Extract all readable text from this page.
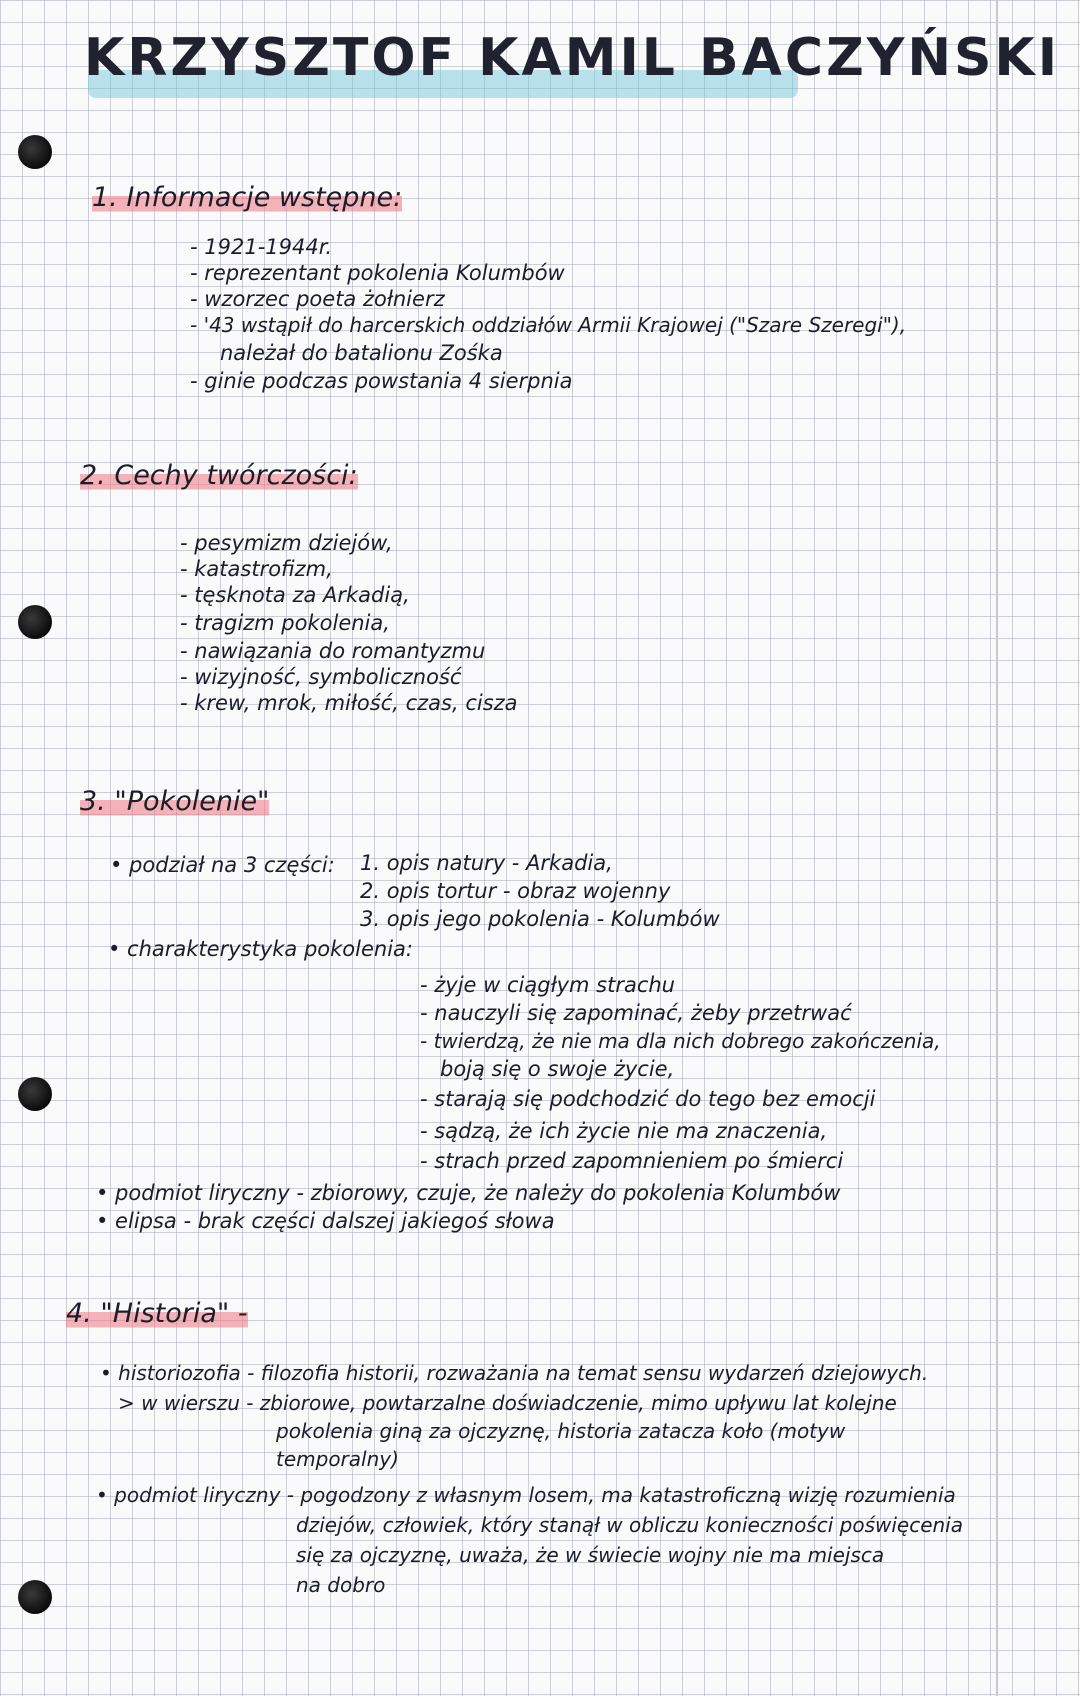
KRZYSZTOF KAMIL BACZYŃSKI
1. Informacje wstępne:
- 1921-1944r.
- reprezentant pokolenia Kolumbów
- wzorzec poeta żołnierz
- '43 wstąpił do harcerskich oddziałów Armii Krajowej ("Szare Szeregi"),
należał do batalionu Zośka
- ginie podczas powstania 4 sierpnia
2. Cechy twórczości:
- pesymizm dziejów,
- katastrofizm,
- tęsknota za Arkadią,
- tragizm pokolenia,
- nawiązania do romantyzmu
- wizyjność, symboliczność
- krew, mrok, miłość, czas, cisza
3. "Pokolenie"
• podział na 3 części: 1. opis natury - Arkadia,
2. opis tortur - obraz wojenny
3. opis jego pokolenia - Kolumbów
• charakterystyka pokolenia:
- żyje w ciągłym strachu
- nauczyli się zapominać, żeby przetrwać
- twierdzą, że nie ma dla nich dobrego zakończenia,
boją się o swoje życie,
- starają się podchodzić do tego bez emocji
- sądzą, że ich życie nie ma znaczenia,
- strach przed zapomnieniem po śmierci
• podmiot liryczny - zbiorowy, czuje, że należy do pokolenia Kolumbów
• elipsa - brak części dalszej jakiegoś słowa
4. "Historia" -
• historiozofia - filozofia historii, rozważania na temat sensu wydarzeń dziejowych.
> w wierszu - zbiorowe, powtarzalne doświadczenie, mimo upływu lat kolejne
pokolenia giną za ojczyznę, historia zatacza koło (motyw
temporalny)
• podmiot liryczny - pogodzony z własnym losem, ma katastroficzną wizję rozumienia
dziejów, człowiek, który stanął w obliczu konieczności poświęcenia
się za ojczyznę, uważa, że w świecie wojny nie ma miejsca
na dobro
